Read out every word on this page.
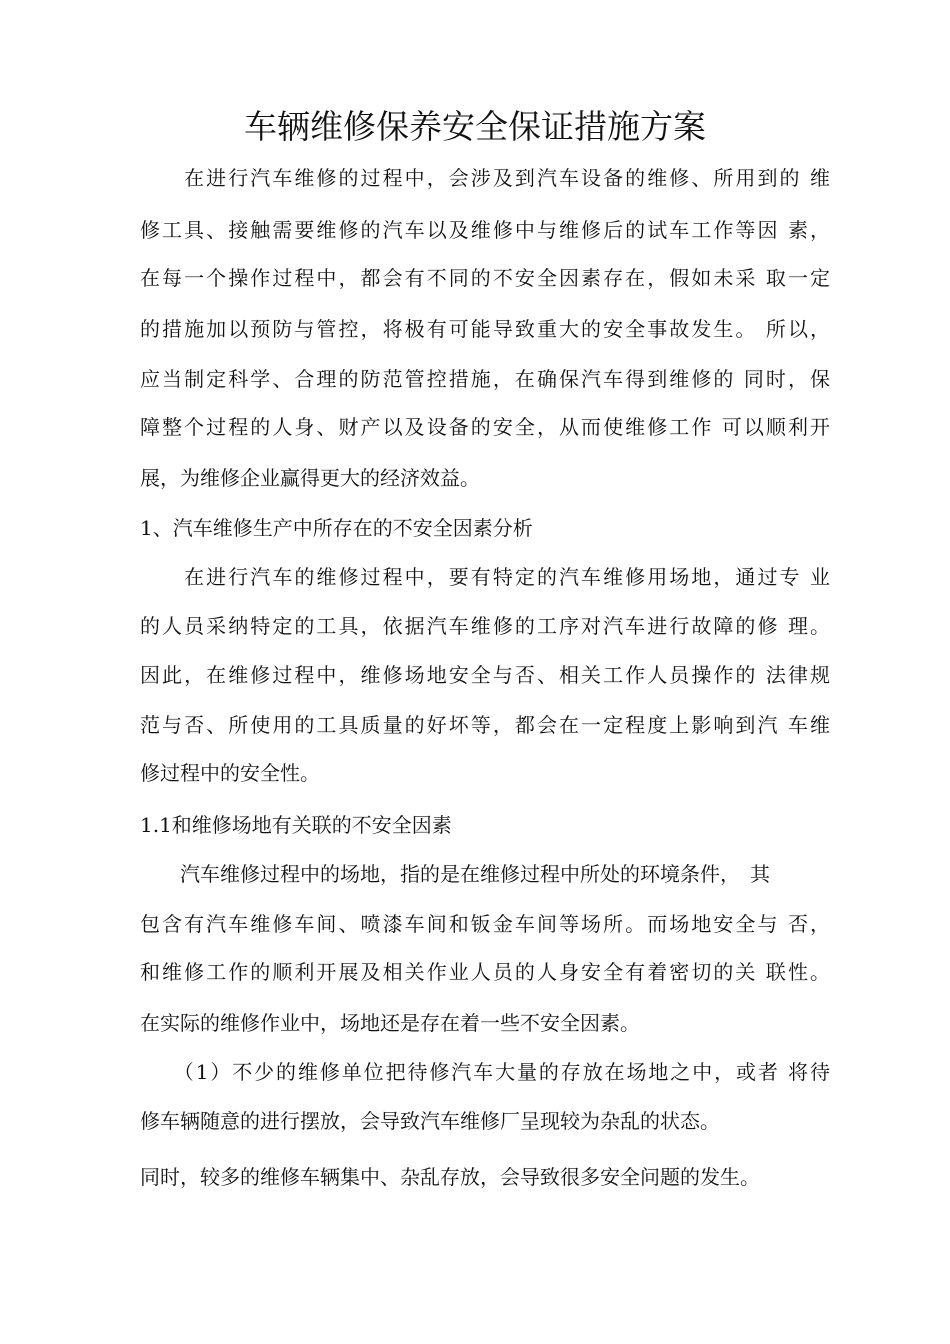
车辆维修保养安全保证措施方案
　　在进行汽车维修的过程中，会涉及到汽车设备的维修、所用到的 维
修工具、接触需要维修的汽车以及维修中与维修后的试车工作等因 素，
在每一个操作过程中，都会有不同的不安全因素存在，假如未采 取一定
的措施加以预防与管控，将极有可能导致重大的安全事故发生。 所以，
应当制定科学、合理的防范管控措施，在确保汽车得到维修的 同时，保
障整个过程的人身、财产以及设备的安全，从而使维修工作 可以顺利开
展，为维修企业赢得更大的经济效益。
1、汽车维修生产中所存在的不安全因素分析
　　在进行汽车的维修过程中，要有特定的汽车维修用场地，通过专 业
的人员采纳特定的工具，依据汽车维修的工序对汽车进行故障的修 理。
因此，在维修过程中，维修场地安全与否、相关工作人员操作的 法律规
范与否、所使用的工具质量的好坏等，都会在一定程度上影响到汽 车维
修过程中的安全性。
1.1和维修场地有关联的不安全因素
　　汽车维修过程中的场地，指的是在维修过程中所处的环境条件，　其
包含有汽车维修车间、喷漆车间和钣金车间等场所。而场地安全与 否，
和维修工作的顺利开展及相关作业人员的人身安全有着密切的关 联性。
在实际的维修作业中，场地还是存在着一些不安全因素。
　　（1）不少的维修单位把待修汽车大量的存放在场地之中，或者 将待
修车辆随意的进行摆放，会导致汽车维修厂呈现较为杂乱的状态。
同时，较多的维修车辆集中、杂乱存放，会导致很多安全问题的发生。
